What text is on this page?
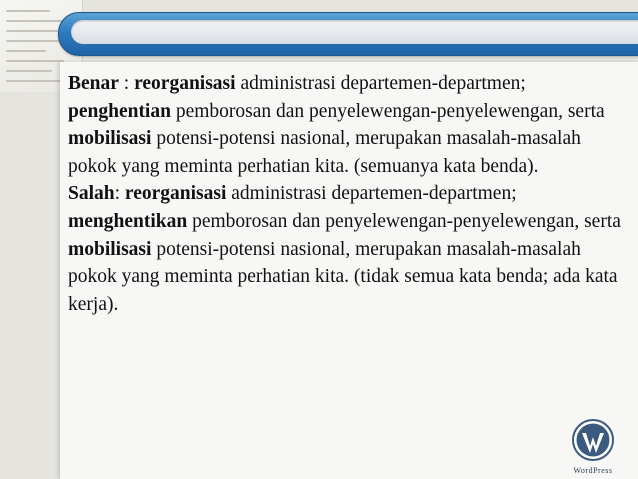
Benar : reorganisasi administrasi departemen-departmen; penghentian pemborosan dan penyelewengan-penyelewengan, serta mobilisasi potensi-potensi nasional, merupakan masalah-masalah pokok yang meminta perhatian kita. (semuanya kata benda).

Salah: reorganisasi administrasi departemen-departmen; menghentikan pemborosan dan penyelewengan-penyelewengan, serta mobilisasi potensi-potensi nasional, merupakan masalah-masalah pokok yang meminta perhatian kita. (tidak semua kata benda; ada kata kerja).

WordPress
